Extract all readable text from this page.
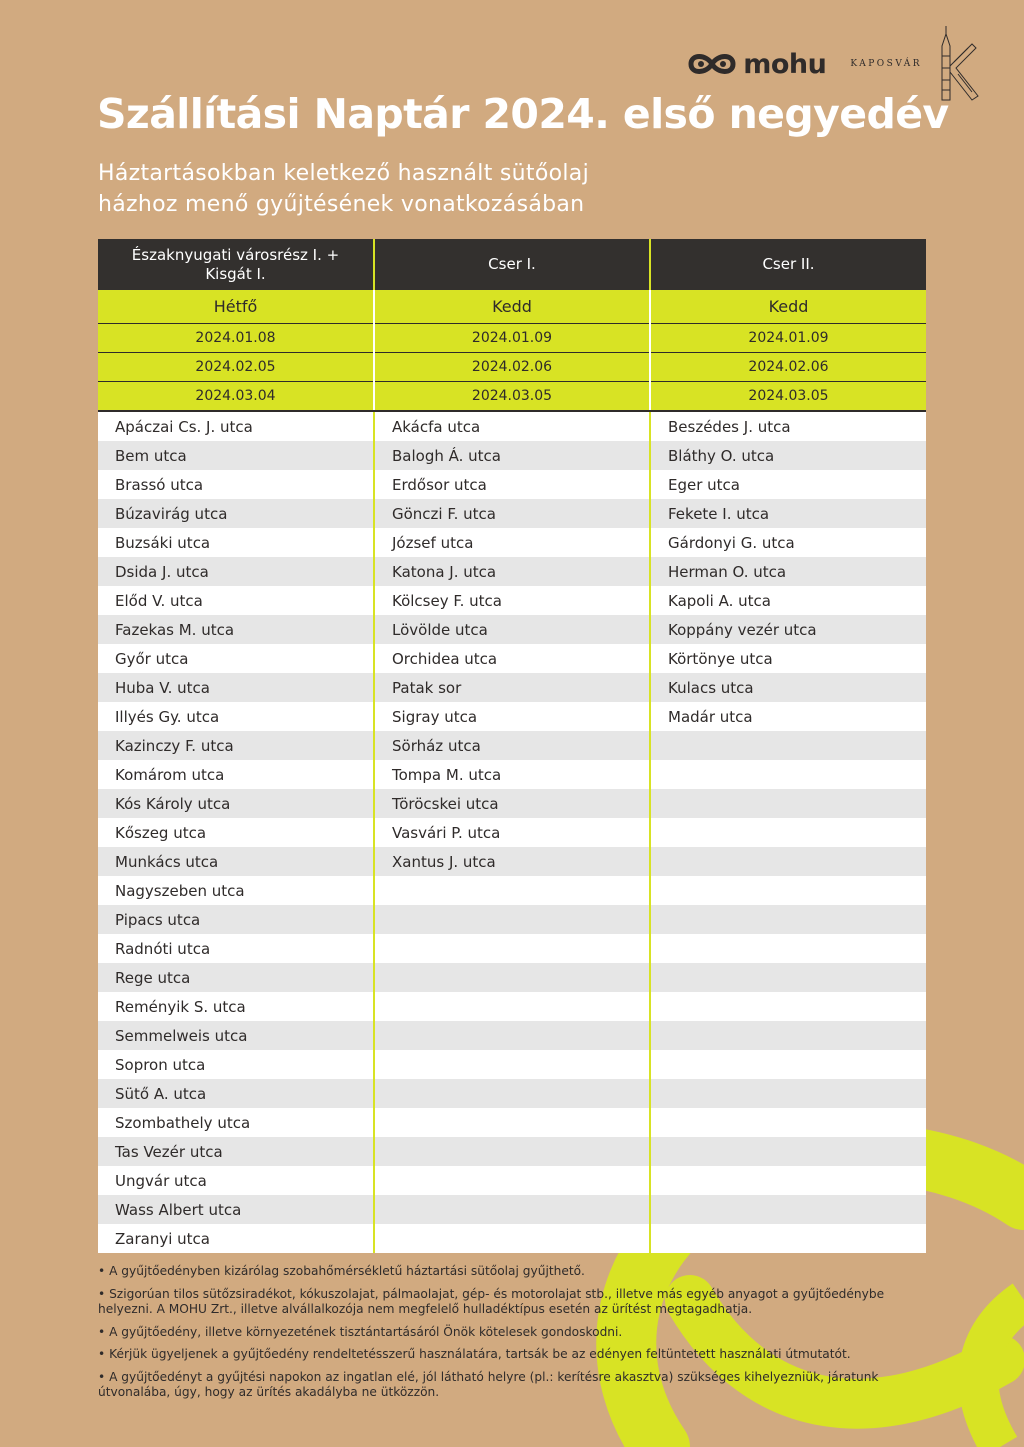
mohu	KAPOSVÁR
Szállítási Naptár 2024. első negyedév

Háztartásokban keletkező használt sütőolaj
házhoz menő gyűjtésének vonatkozásában

Északnyugati városrész I. +
Kisgát I.	Cser I.	Cser II.
Hétfő	Kedd	Kedd
2024.01.08	2024.01.09	2024.01.09
2024.02.05	2024.02.06	2024.02.06
2024.03.04	2024.03.05	2024.03.05
Apáczai Cs. J. utca	Akácfa utca	Beszédes J. utca
Bem utca	Balogh Á. utca	Bláthy O. utca
Brassó utca	Erdősor utca	Eger utca
Búzavirág utca	Gönczi F. utca	Fekete I. utca
Buzsáki utca	József utca	Gárdonyi G. utca
Dsida J. utca	Katona J. utca	Herman O. utca
Előd V. utca	Kölcsey F. utca	Kapoli A. utca
Fazekas M. utca	Lövölde utca	Koppány vezér utca
Győr utca	Orchidea utca	Körtönye utca
Huba V. utca	Patak sor	Kulacs utca
Illyés Gy. utca	Sigray utca	Madár utca
Kazinczy F. utca	Sörház utca	
Komárom utca	Tompa M. utca	
Kós Károly utca	Töröcskei utca	
Kőszeg utca	Vasvári P. utca	
Munkács utca	Xantus J. utca	
Nagyszeben utca		
Pipacs utca		
Radnóti utca		
Rege utca		
Reményik S. utca		
Semmelweis utca		
Sopron utca		
Sütő A. utca		
Szombathely utca		
Tas Vezér utca		
Ungvár utca		
Wass Albert utca		
Zaranyi utca		
• A gyűjtőedényben kizárólag szobahőmérsékletű háztartási sütőolaj gyűjthető.
• Szigorúan tilos sütőzsiradékot, kókuszolajat, pálmaolajat, gép- és motorolajat stb., illetve más egyéb anyagot a gyűjtőedénybe helyezni. A MOHU Zrt., illetve alvállalkozója nem megfelelő hulladéktípus esetén az ürítést megtagadhatja.
• A gyűjtőedény, illetve környezetének tisztántartásáról Önök kötelesek gondoskodni.
• Kérjük ügyeljenek a gyűjtőedény rendeltetésszerű használatára, tartsák be az edényen feltüntetett használati útmutatót.
• A gyűjtőedényt a gyűjtési napokon az ingatlan elé, jól látható helyre (pl.: kerítésre akasztva) szükséges kihelyezniük, járatunk útvonalába, úgy, hogy az ürítés akadályba ne ütközzön.
